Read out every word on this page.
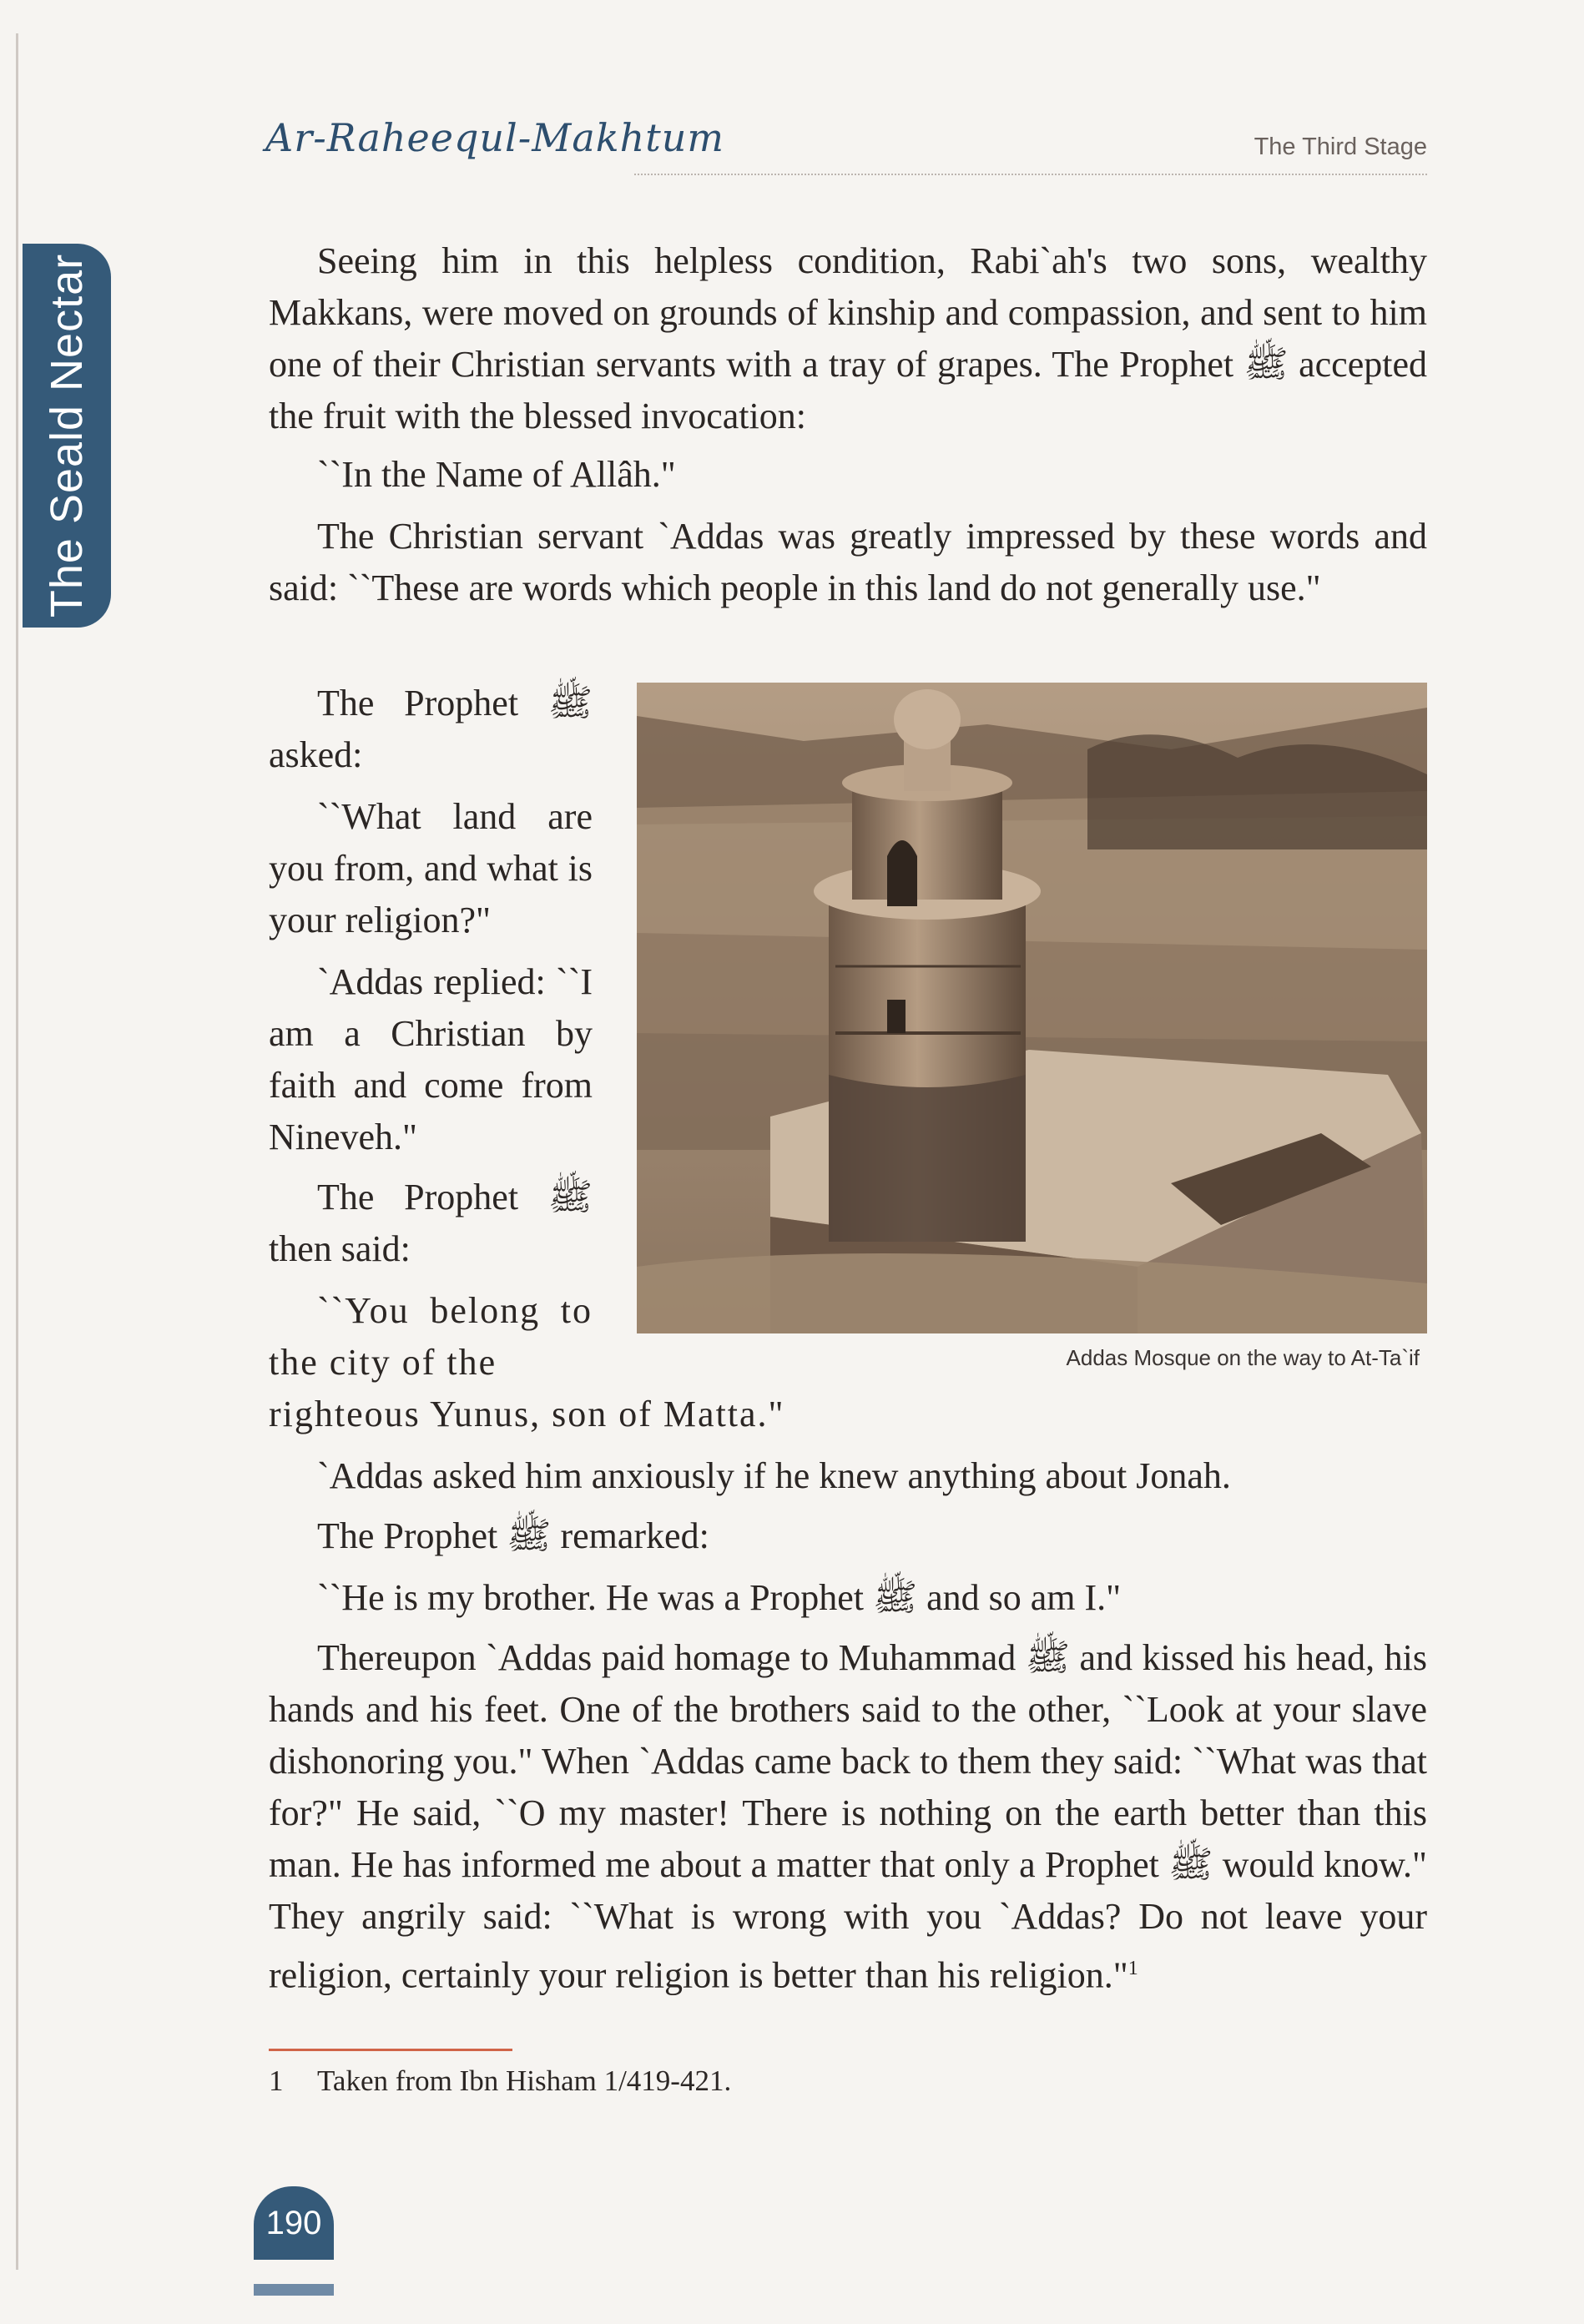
The Seald Nectar
Ar-Raheequl-Makhtum	The Third Stage

Seeing him in this helpless condition, Rabi`ah's two sons, wealthy Makkans, were moved on grounds of kinship and compassion, and sent to him one of their Christian servants with a tray of grapes. The Prophet ﷺ accepted the fruit with the blessed invocation:

``In the Name of Allâh."

The Christian servant `Addas was greatly impressed by these words and said: ``These are words which people in this land do not generally use."

The Prophet ﷺ asked:

``What land are you from, and what is your religion?"

`Addas replied: ``I am a Christian by faith and come from Nineveh."

The Prophet ﷺ then said:

``You belong to the city of the

righteous Yunus, son of Matta."

Addas Mosque on the way to At-Ta`if

`Addas asked him anxiously if he knew anything about Jonah.

The Prophet ﷺ remarked:

``He is my brother. He was a Prophet ﷺ and so am I."

Thereupon `Addas paid homage to Muhammad ﷺ and kissed his head, his hands and his feet. One of the brothers said to the other, ``Look at your slave dishonoring you." When `Addas came back to them they said: ``What was that for?" He said, ``O my master! There is nothing on the earth better than this man. He has informed me about a matter that only a Prophet ﷺ would know." They angrily said: ``What is wrong with you `Addas? Do not leave your religion, certainly your religion is better than his religion."$^1$

1 Taken from Ibn Hisham 1/419-421.
190
